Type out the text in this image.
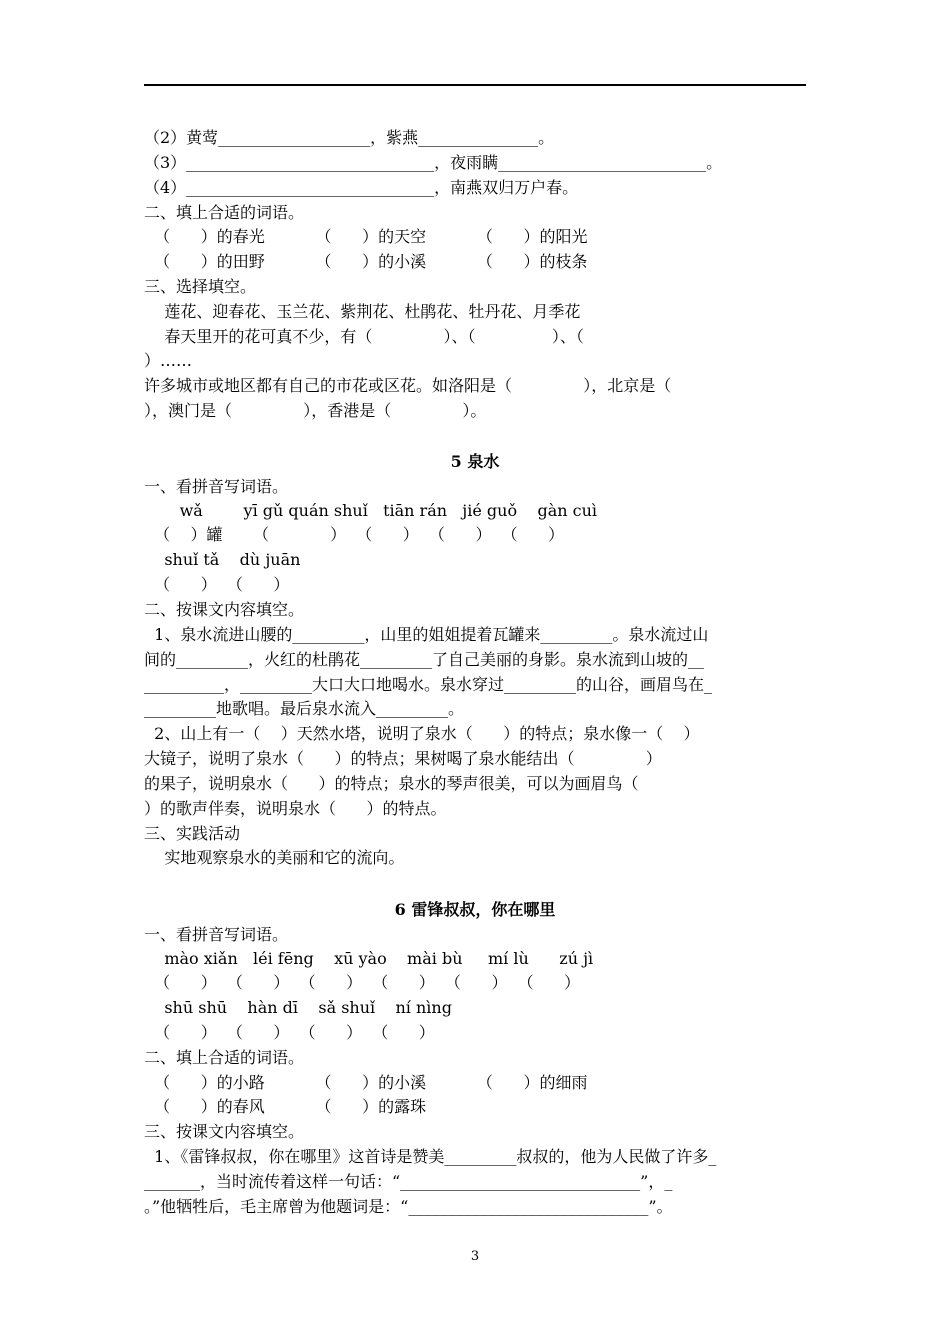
（2）黄莺___________________，紫燕_______________。
（3）_______________________________，夜雨瞒__________________________。
（4）_______________________________，南燕双归万户春。
二、填上合适的词语。
（      ）的春光          （      ）的天空          （      ）的阳光
（      ）的田野          （      ）的小溪          （      ）的枝条
三、选择填空。
莲花、迎春花、玉兰花、紫荆花、杜鹃花、牡丹花、月季花
春天里开的花可真不少，有（              ）、（               ）、（
）……
许多城市或地区都有自己的市花或区花。如洛阳是（              ），北京是（
），澳门是（              ），香港是（              ）。
5 泉水
一、看拼音写词语。
wǎ        yī gǔ quán shuǐ   tiān rán   jié guǒ    gàn cuì
（    ）罐      （            ）  （      ）  （      ）  （      ）
shuǐ tǎ    dù juān
（      ）  （      ）
二、按课文内容填空。
1、泉水流进山腰的_________，山里的姐姐提着瓦罐来_________。泉水流过山
间的_________，火红的杜鹃花_________了自己美丽的身影。泉水流到山坡的__
__________，_________大口大口地喝水。泉水穿过_________的山谷，画眉鸟在_
_________地歌唱。最后泉水流入_________。
2、山上有一（    ）天然水塔，说明了泉水（      ）的特点；泉水像一（    ）
大镜子，说明了泉水（      ）的特点；果树喝了泉水能结出（              ）
的果子，说明泉水（      ）的特点；泉水的琴声很美，可以为画眉鸟（
）的歌声伴奏，说明泉水（      ）的特点。
三、实践活动
实地观察泉水的美丽和它的流向。
6 雷锋叔叔，你在哪里
一、看拼音写词语。
mào xiǎn   léi fēng    xū yào    mài bù     mí lù      zú jì
（      ）  （      ）  （      ）  （      ）  （      ）  （      ）
shū shū    hàn dī    sǎ shuǐ    ní nìng
（      ）  （      ）  （      ）  （      ）
二、填上合适的词语。
（      ）的小路          （      ）的小溪          （      ）的细雨
（      ）的春风          （      ）的露珠
三、按课文内容填空。
1、《雷锋叔叔，你在哪里》这首诗是赞美_________叔叔的，他为人民做了许多_
_______，当时流传着这样一句话：“______________________________”，_
。”他牺牲后，毛主席曾为他题词是：“______________________________”。
3
